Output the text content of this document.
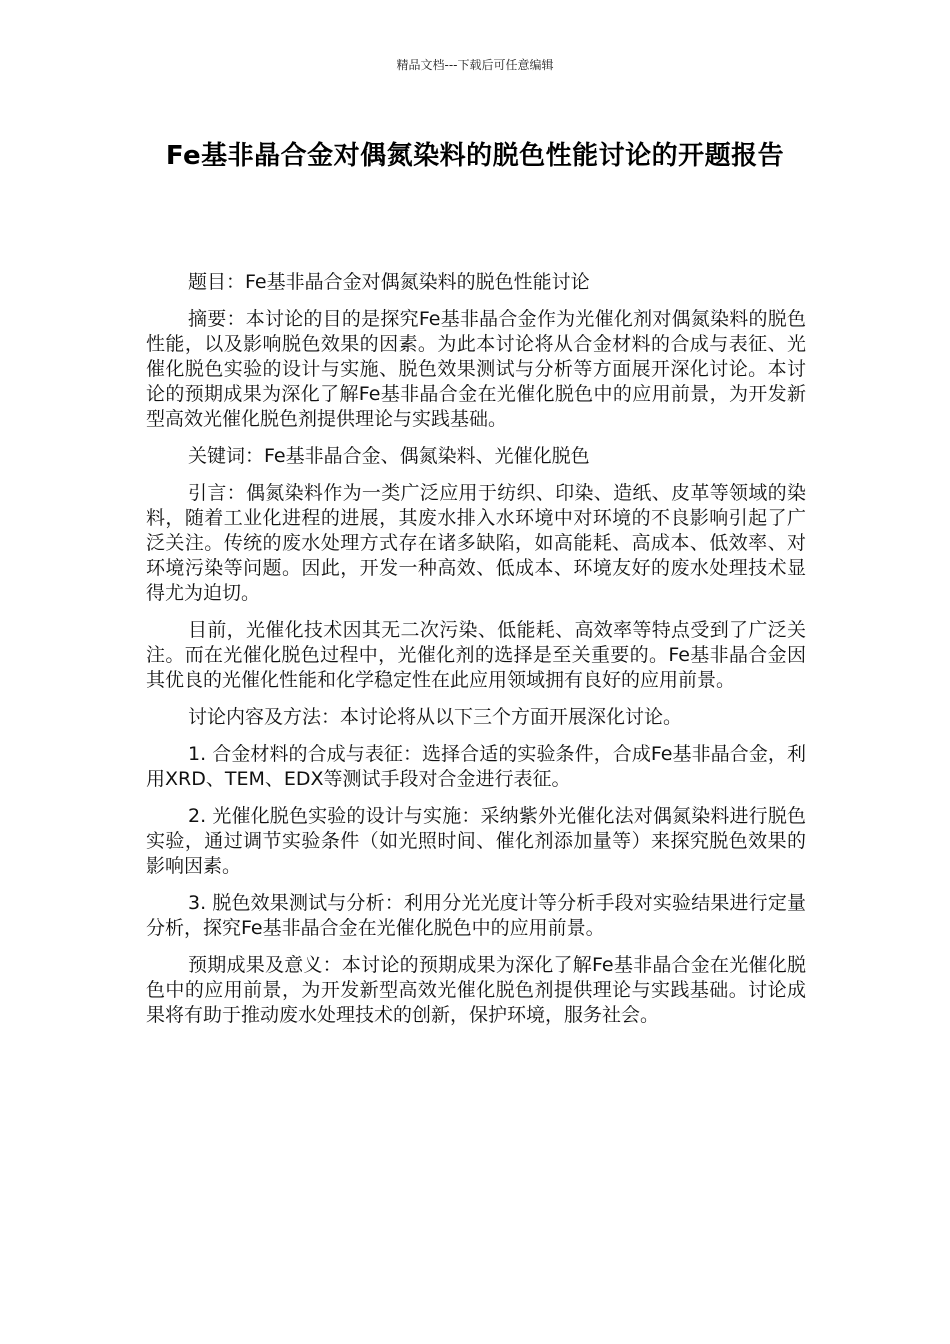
精品文档---下载后可任意编辑
Fe基非晶合金对偶氮染料的脱色性能讨论的开题报告

题目：Fe基非晶合金对偶氮染料的脱色性能讨论

摘要：本讨论的目的是探究Fe基非晶合金作为光催化剂对偶氮染料的脱色性能，以及影响脱色效果的因素。为此本讨论将从合金材料的合成与表征、光催化脱色实验的设计与实施、脱色效果测试与分析等方面展开深化讨论。本讨论的预期成果为深化了解Fe基非晶合金在光催化脱色中的应用前景，为开发新型高效光催化脱色剂提供理论与实践基础。

关键词：Fe基非晶合金、偶氮染料、光催化脱色

引言：偶氮染料作为一类广泛应用于纺织、印染、造纸、皮革等领域的染料，随着工业化进程的进展，其废水排入水环境中对环境的不良影响引起了广泛关注。传统的废水处理方式存在诸多缺陷，如高能耗、高成本、低效率、对环境污染等问题。因此，开发一种高效、低成本、环境友好的废水处理技术显得尤为迫切。

目前，光催化技术因其无二次污染、低能耗、高效率等特点受到了广泛关注。而在光催化脱色过程中，光催化剂的选择是至关重要的。Fe基非晶合金因其优良的光催化性能和化学稳定性在此应用领域拥有良好的应用前景。

讨论内容及方法：本讨论将从以下三个方面开展深化讨论。

1. 合金材料的合成与表征：选择合适的实验条件，合成Fe基非晶合金，利用XRD、TEM、EDX等测试手段对合金进行表征。

2. 光催化脱色实验的设计与实施：采纳紫外光催化法对偶氮染料进行脱色实验，通过调节实验条件（如光照时间、催化剂添加量等）来探究脱色效果的影响因素。

3. 脱色效果测试与分析：利用分光光度计等分析手段对实验结果进行定量分析，探究Fe基非晶合金在光催化脱色中的应用前景。

预期成果及意义：本讨论的预期成果为深化了解Fe基非晶合金在光催化脱色中的应用前景，为开发新型高效光催化脱色剂提供理论与实践基础。讨论成果将有助于推动废水处理技术的创新，保护环境，服务社会。
